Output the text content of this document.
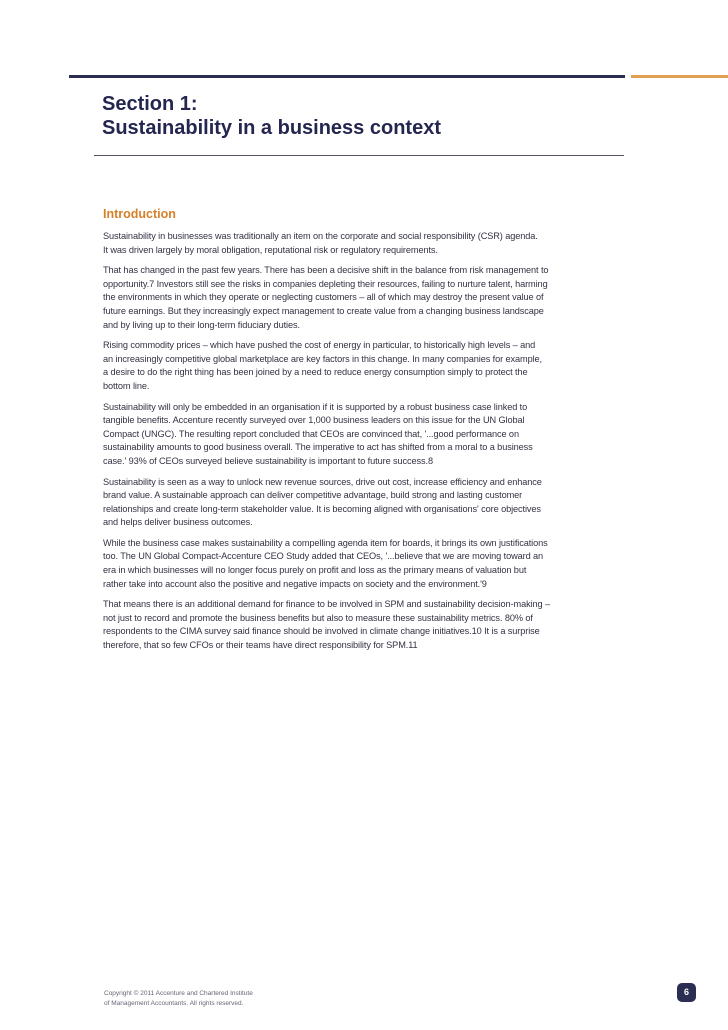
Section 1:
Sustainability in a business context
Introduction

Sustainability in businesses was traditionally an item on the corporate and social responsibility (CSR) agenda.

It was driven largely by moral obligation, reputational risk or regulatory requirements.

That has changed in the past few years. There has been a decisive shift in the balance from risk management to

opportunity.7 Investors still see the risks in companies depleting their resources, failing to nurture talent, harming

the environments in which they operate or neglecting customers – all of which may destroy the present value of

future earnings. But they increasingly expect management to create value from a changing business landscape

and by living up to their long-term fiduciary duties.

Rising commodity prices – which have pushed the cost of energy in particular, to historically high levels – and

an increasingly competitive global marketplace are key factors in this change. In many companies for example,

a desire to do the right thing has been joined by a need to reduce energy consumption simply to protect the

bottom line.

Sustainability will only be embedded in an organisation if it is supported by a robust business case linked to

tangible benefits. Accenture recently surveyed over 1,000 business leaders on this issue for the UN Global

Compact (UNGC). The resulting report concluded that CEOs are convinced that, '...good performance on

sustainability amounts to good business overall. The imperative to act has shifted from a moral to a business

case.' 93% of CEOs surveyed believe sustainability is important to future success.8

Sustainability is seen as a way to unlock new revenue sources, drive out cost, increase efficiency and enhance

brand value. A sustainable approach can deliver competitive advantage, build strong and lasting customer

relationships and create long-term stakeholder value. It is becoming aligned with organisations' core objectives

and helps deliver business outcomes.

While the business case makes sustainability a compelling agenda item for boards, it brings its own justifications

too. The UN Global Compact-Accenture CEO Study added that CEOs, '...believe that we are moving toward an

era in which businesses will no longer focus purely on profit and loss as the primary means of valuation but

rather take into account also the positive and negative impacts on society and the environment.'9

That means there is an additional demand for finance to be involved in SPM and sustainability decision-making –

not just to record and promote the business benefits but also to measure these sustainability metrics. 80% of

respondents to the CIMA survey said finance should be involved in climate change initiatives.10 It is a surprise

therefore, that so few CFOs or their teams have direct responsibility for SPM.11

Copyright © 2011 Accenture and Chartered Institute
of Management Accountants. All rights reserved.
6
